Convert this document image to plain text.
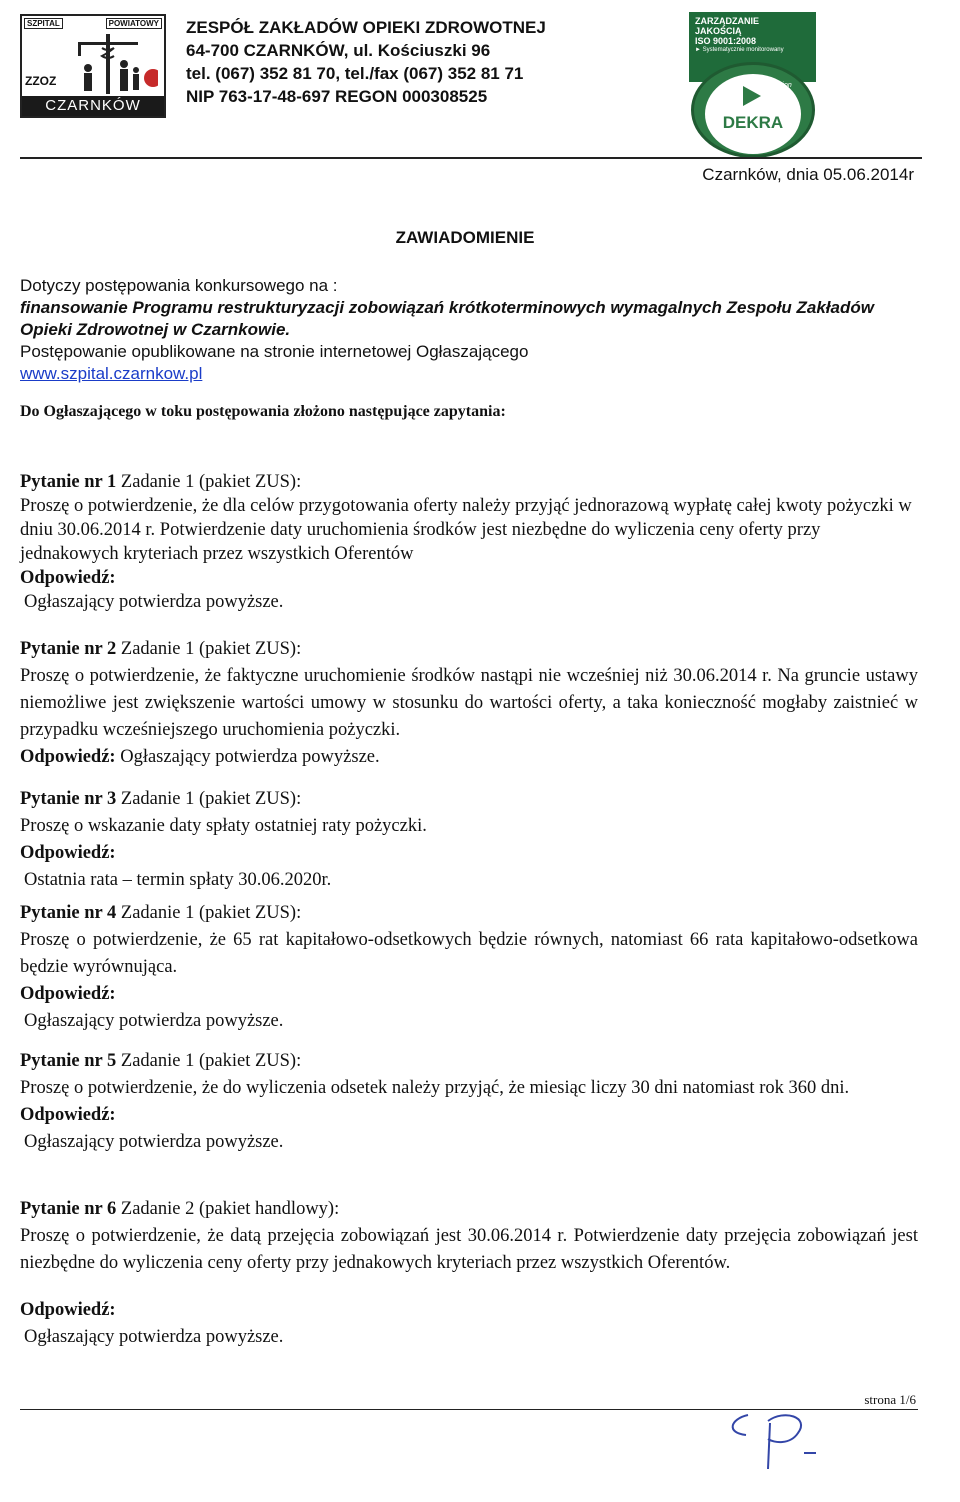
SZPITAL	POWIATOWY
ZZOZ
CZARNKÓW
ZESPÓŁ ZAKŁADÓW OPIEKI ZDROWOTNEJ
64-700 CZARNKÓW, ul. Kościuszki 96
tel. (067) 352 81 70, tel./fax (067) 352 81 71
NIP 763-17-48-697 REGON 000308525
ZARZĄDZANIE
JAKOŚCIĄ
ISO 9001:2008
► Systematycznie monitorowany
DEKRA Certification
DEKRA
certyfikat
Czarnków, dnia 05.06.2014r
ZAWIADOMIENIE
Dotyczy postępowania konkursowego na :
finansowanie Programu restrukturyzacji zobowiązań krótkoterminowych wymagalnych Zespołu Zakładów Opieki Zdrowotnej w Czarnkowie.
Postępowanie opublikowane na stronie internetowej Ogłaszającego
www.szpital.czarnkow.pl
Do Ogłaszającego w toku postępowania złożono następujące zapytania:

Pytanie nr 1 Zadanie 1 (pakiet ZUS):

Proszę o potwierdzenie, że dla celów przygotowania oferty należy przyjąć jednorazową wypłatę całej kwoty pożyczki w dniu 30.06.2014 r. Potwierdzenie daty uruchomienia środków jest niezbędne do wyliczenia ceny oferty przy jednakowych kryteriach przez wszystkich Oferentów

Odpowiedź:

Ogłaszający potwierdza powyższe.

Pytanie nr 2 Zadanie 1 (pakiet ZUS):

Proszę o potwierdzenie, że faktyczne uruchomienie środków nastąpi nie wcześniej niż 30.06.2014 r. Na gruncie ustawy niemożliwe jest zwiększenie wartości umowy w stosunku do wartości oferty, a taka konieczność mogłaby zaistnieć w przypadku wcześniejszego uruchomienia pożyczki.

Odpowiedź: Ogłaszający potwierdza powyższe.

Pytanie nr 3 Zadanie 1 (pakiet ZUS):

Proszę o wskazanie daty spłaty ostatniej raty pożyczki.

Odpowiedź:

Ostatnia rata – termin spłaty 30.06.2020r.

Pytanie nr 4 Zadanie 1 (pakiet ZUS):

Proszę o potwierdzenie, że 65 rat kapitałowo-odsetkowych będzie równych, natomiast 66 rata kapitałowo-odsetkowa będzie wyrównująca.

Odpowiedź:

Ogłaszający potwierdza powyższe.

Pytanie nr 5 Zadanie 1 (pakiet ZUS):

Proszę o potwierdzenie, że do wyliczenia odsetek należy przyjąć, że miesiąc liczy 30 dni natomiast rok 360 dni.

Odpowiedź:

Ogłaszający potwierdza powyższe.

Pytanie nr 6 Zadanie 2 (pakiet handlowy):

Proszę o potwierdzenie, że datą przejęcia zobowiązań jest 30.06.2014 r. Potwierdzenie daty przejęcia zobowiązań jest niezbędne do wyliczenia ceny oferty przy jednakowych kryteriach przez wszystkich Oferentów.

Odpowiedź:

Ogłaszający potwierdza powyższe.

strona 1/6
